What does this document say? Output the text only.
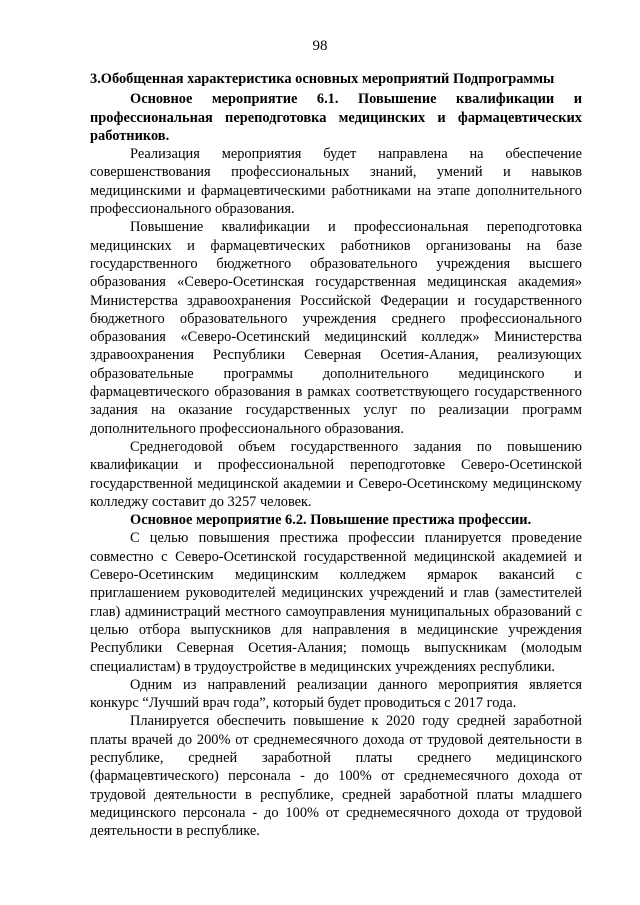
98

3.Обобщенная характеристика основных мероприятий Подпрограммы

Основное мероприятие 6.1. Повышение квалификации и профессиональная переподготовка медицинских и фармацевтических работников.

Реализация мероприятия будет направлена на обеспечение совершенствования профессиональных знаний, умений и навыков медицинскими и фармацевтическими работниками на этапе дополнительного профессионального образования.

Повышение квалификации и профессиональная переподготовка медицинских и фармацевтических работников организованы на базе государственного бюджетного образовательного учреждения высшего образования «Северо-Осетинская государственная медицинская академия» Министерства здравоохранения Российской Федерации и государственного бюджетного образовательного учреждения среднего профессионального образования «Северо-Осетинский медицинский колледж» Министерства здравоохранения Республики Северная Осетия-Алания, реализующих образовательные программы дополнительного медицинского и фармацевтического образования в рамках соответствующего государственного задания на оказание государственных услуг по реализации программ дополнительного профессионального образования.

Среднегодовой объем государственного задания по повышению квалификации и профессиональной переподготовке Северо-Осетинской государственной медицинской академии и Северо-Осетинскому медицинскому колледжу составит до 3257 человек.

Основное мероприятие 6.2. Повышение престижа профессии.

С целью повышения престижа профессии планируется проведение совместно с Северо-Осетинской государственной медицинской академией и Северо-Осетинским медицинским колледжем ярмарок вакансий с приглашением руководителей медицинских учреждений и глав (заместителей глав) администраций местного самоуправления муниципальных образований с целью отбора выпускников для направления в медицинские учреждения Республики Северная Осетия-Алания; помощь выпускникам (молодым специалистам) в трудоустройстве в медицинских учреждениях республики.

Одним из направлений реализации данного мероприятия является конкурс “Лучший врач года”, который будет проводиться с 2017 года.

Планируется обеспечить повышение к 2020 году средней заработной платы врачей до 200% от среднемесячного дохода от трудовой деятельности в республике, средней заработной платы среднего медицинского (фармацевтического) персонала - до 100% от среднемесячного дохода от трудовой деятельности в республике, средней заработной платы младшего медицинского персонала - до 100% от среднемесячного дохода от трудовой деятельности в республике.
